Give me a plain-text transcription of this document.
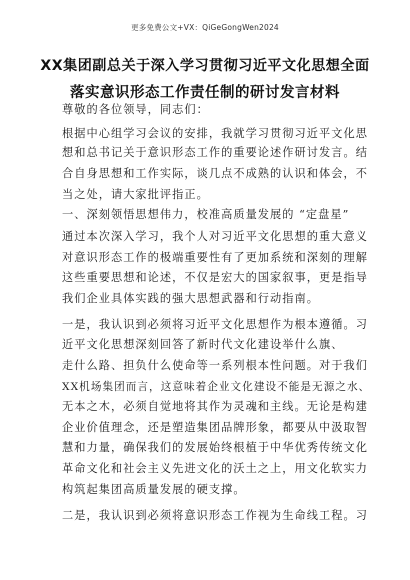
更多免费公文+VX：QiGeGongWen2024
XX集团副总关于深入学习贯彻习近平文化思想全面
落实意识形态工作责任制的研讨发言材料
尊敬的各位领导，同志们：
根据中心组学习会议的安排，我就学习贯彻习近平文化思
想和总书记关于意识形态工作的重要论述作研讨发言。结
合自身思想和工作实际，谈几点不成熟的认识和体会，不
当之处，请大家批评指正。
一、深刻领悟思想伟力，校准高质量发展的 “定盘星”
通过本次深入学习，我个人对习近平文化思想的重大意义
对意识形态工作的极端重要性有了更加系统和深刻的理解
这些重要思想和论述，不仅是宏大的国家叙事，更是指导
我们企业具体实践的强大思想武器和行动指南。
一是，我认识到必须将习近平文化思想作为根本遵循。习
近平文化思想深刻回答了新时代文化建设举什么旗、
走什么路、担负什么使命等一系列根本性问题。对于我们
XX机场集团而言，这意味着企业文化建设不能是无源之水、
无本之木，必须自觉地将其作为灵魂和主线。无论是构建
企业价值理念，还是塑造集团品牌形象，都要从中汲取智
慧和力量，确保我们的发展始终根植于中华优秀传统文化
革命文化和社会主义先进文化的沃土之上，用文化软实力
构筑起集团高质量发展的硬支撑。
二是，我认识到必须将意识形态工作视为生命线工程。习
